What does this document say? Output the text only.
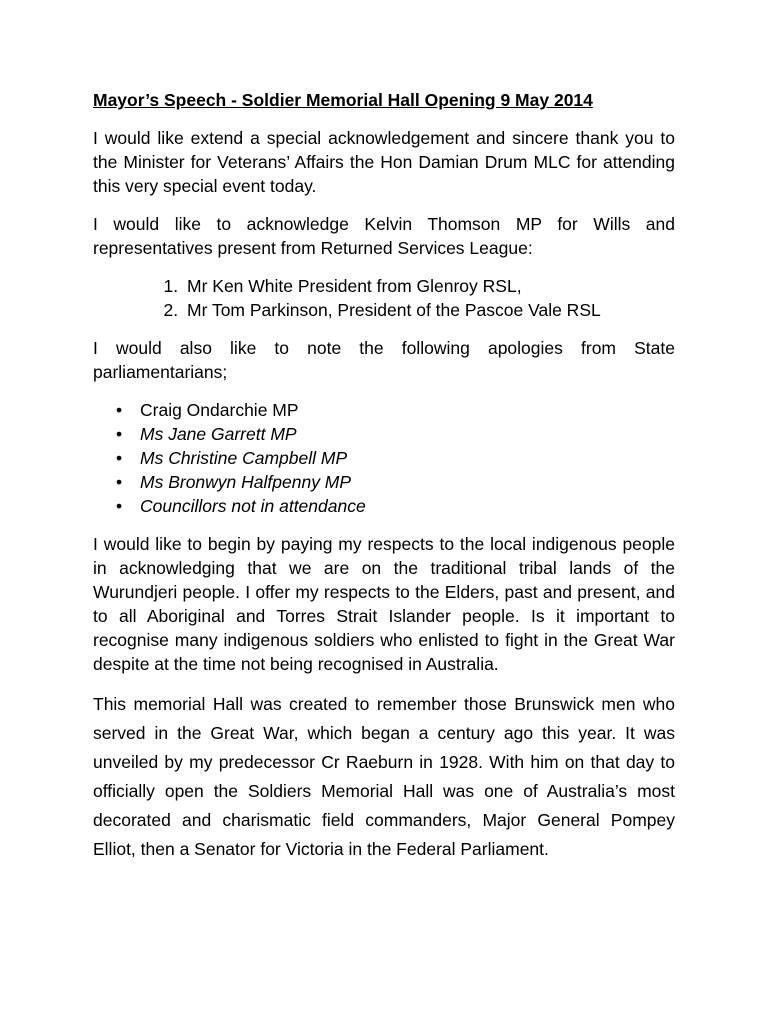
Mayor’s Speech - Soldier Memorial Hall Opening 9 May 2014

I would like extend a special acknowledgement and sincere thank you to the Minister for Veterans’ Affairs the Hon Damian Drum MLC for attending this very special event today.

I would like to acknowledge Kelvin Thomson MP for Wills and representatives present from Returned Services League:

1. Mr Ken White President from Glenroy RSL,
2. Mr Tom Parkinson, President of the Pascoe Vale RSL

I would also like to note the following apologies from State parliamentarians;

• Craig Ondarchie MP
• Ms Jane Garrett MP
• Ms Christine Campbell MP
• Ms Bronwyn Halfpenny MP
• Councillors not in attendance

I would like to begin by paying my respects to the local indigenous people in acknowledging that we are on the traditional tribal lands of the Wurundjeri people. I offer my respects to the Elders, past and present, and to all Aboriginal and Torres Strait Islander people. Is it important to recognise many indigenous soldiers who enlisted to fight in the Great War despite at the time not being recognised in Australia.

This memorial Hall was created to remember those Brunswick men who served in the Great War, which began a century ago this year. It was unveiled by my predecessor Cr Raeburn in 1928. With him on that day to officially open the Soldiers Memorial Hall was one of Australia’s most decorated and charismatic field commanders, Major General Pompey Elliot, then a Senator for Victoria in the Federal Parliament.
